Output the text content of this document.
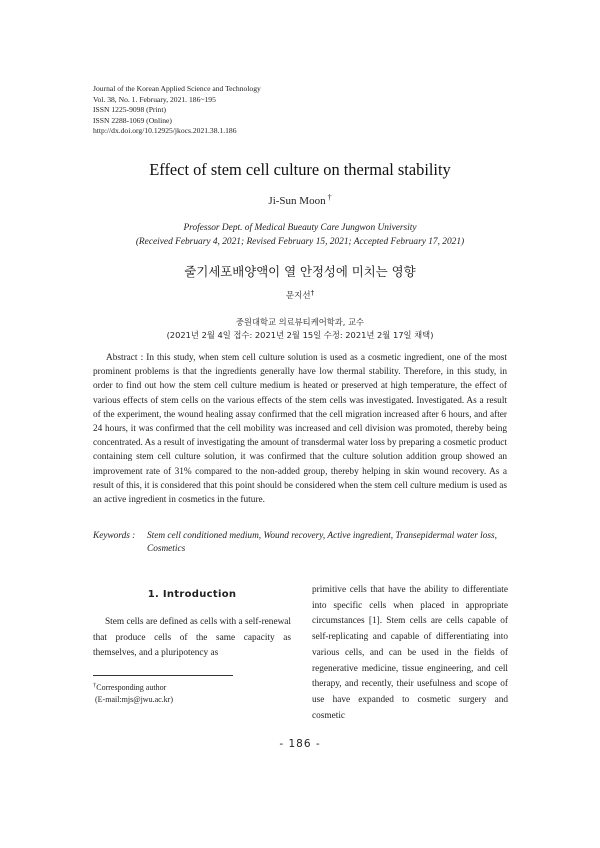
Journal of the Korean Applied Science and Technology
Vol. 38, No. 1. February, 2021. 186~195
ISSN 1225-9098 (Print)
ISSN 2288-1069 (Online)
http://dx.doi.org/10.12925/jkocs.2021.38.1.186
Effect of stem cell culture on thermal stability
Ji-Sun Moon †
Professor Dept. of Medical Bueauty Care Jungwon University
(Received February 4, 2021; Revised February 15, 2021; Accepted February 17, 2021)
줄기세포배양액이 열 안정성에 미치는 영향
문지선†
중원대학교 의료뷰티케어학과, 교수
(2021년 2월 4일 접수: 2021년 2월 15일 수정: 2021년 2월 17일 채택)
Abstract : In this study, when stem cell culture solution is used as a cosmetic ingredient, one of the most prominent problems is that the ingredients generally have low thermal stability. Therefore, in this study, in order to find out how the stem cell culture medium is heated or preserved at high temperature, the effect of various effects of stem cells on the various effects of the stem cells was investigated. Investigated. As a result of the experiment, the wound healing assay confirmed that the cell migration increased after 6 hours, and after 24 hours, it was confirmed that the cell mobility was increased and cell division was promoted, thereby being concentrated. As a result of investigating the amount of transdermal water loss by preparing a cosmetic product containing stem cell culture solution, it was confirmed that the culture solution addition group showed an improvement rate of 31% compared to the non-added group, thereby helping in skin wound recovery. As a result of this, it is considered that this point should be considered when the stem cell culture medium is used as an active ingredient in cosmetics in the future.
Keywords :	Stem cell conditioned medium, Wound recovery, Active ingredient, Transepidermal water loss, Cosmetics
1. Introduction
Stem cells are defined as cells with a self-renewal that produce cells of the same capacity as themselves, and a pluripotency as
primitive cells that have the ability to differentiate into specific cells when placed in appropriate circumstances [1]. Stem cells are cells capable of self-replicating and capable of differentiating into various cells, and can be used in the fields of regenerative medicine, tissue engineering, and cell therapy, and recently, their usefulness and scope of use have expanded to cosmetic surgery and cosmetic
†Corresponding author
(E-mail:mjs@jwu.ac.kr)
- 186 -
